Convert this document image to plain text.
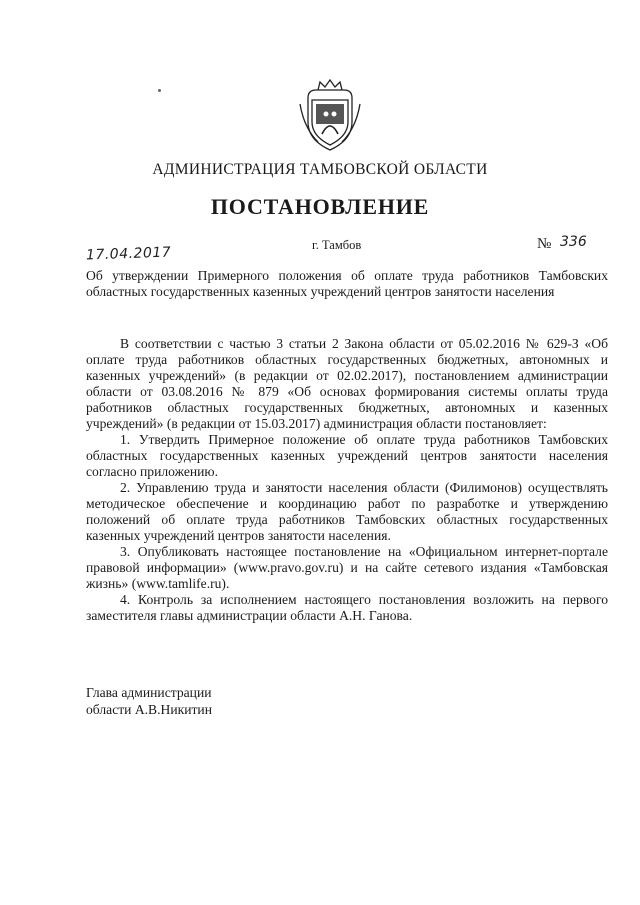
АДМИНИСТРАЦИЯ ТАМБОВСКОЙ ОБЛАСТИ
ПОСТАНОВЛЕНИЕ
17.04.2017	г. Тамбов	№ 336
Об утверждении Примерного положения об оплате труда работников Тамбовских областных государственных казенных учреждений центров занятости населения

В соответствии с частью 3 статьи 2 Закона области от 05.02.2016 № 629-З «Об оплате труда работников областных государственных бюджетных, автономных и казенных учреждений» (в редакции от 02.02.2017), постановлением администрации области от 03.08.2016 № 879 «Об основах формирования системы оплаты труда работников областных государственных бюджетных, автономных и казенных учреждений» (в редакции от 15.03.2017) администрация области постановляет:

1. Утвердить Примерное положение об оплате труда работников Тамбовских областных государственных казенных учреждений центров занятости населения согласно приложению.

2. Управлению труда и занятости населения области (Филимонов) осуществлять методическое обеспечение и координацию работ по разработке и утверждению положений об оплате труда работников Тамбовских областных государственных казенных учреждений центров занятости населения.

3. Опубликовать настоящее постановление на «Официальном интернет-портале правовой информации» (www.pravo.gov.ru) и на сайте сетевого издания «Тамбовская жизнь» (www.tamlife.ru).

4. Контроль за исполнением настоящего постановления возложить на первого заместителя главы администрации области А.Н. Ганова.

Глава администрации
области А.В.Никитин
